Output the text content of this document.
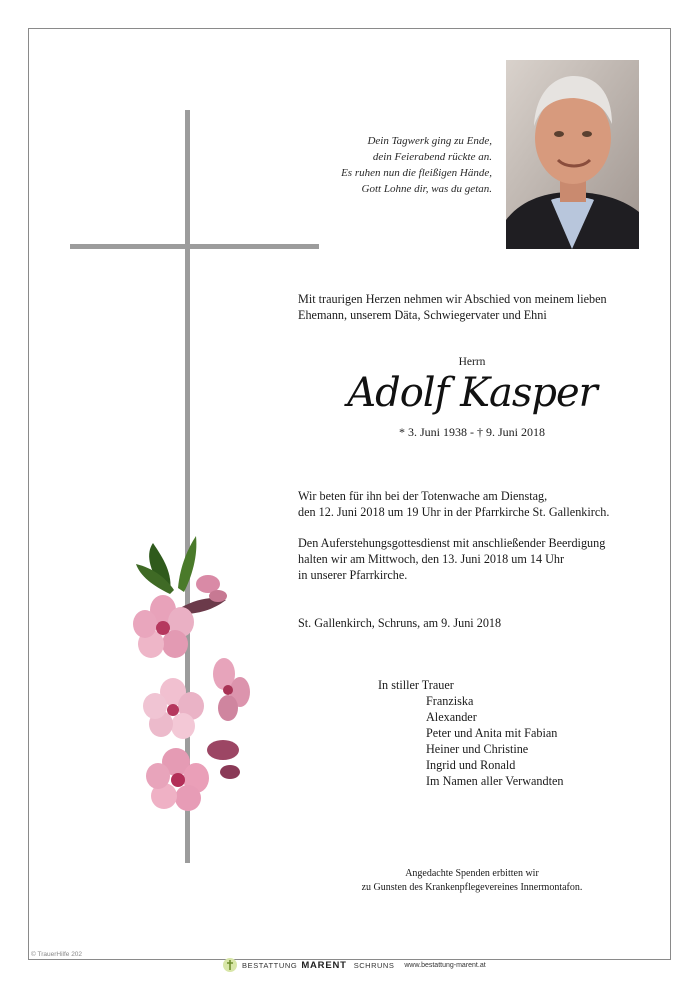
Dein Tagwerk ging zu Ende,
dein Feierabend rückte an.
Es ruhen nun die fleißigen Hände,
Gott Lohne dir, was du getan.
Mit traurigen Herzen nehmen wir Abschied von meinem lieben
Ehemann, unserem Däta, Schwiegervater und Ehni
Herrn
Adolf Kasper
* 3. Juni 1938 - † 9. Juni 2018
Wir beten für ihn bei der Totenwache am Dienstag,
den 12. Juni 2018 um 19 Uhr in der Pfarrkirche St. Gallenkirch.
Den Auferstehungsgottesdienst mit anschließender Beerdigung
halten wir am Mittwoch, den 13. Juni 2018 um 14 Uhr
in unserer Pfarrkirche.
St. Gallenkirch, Schruns, am 9. Juni 2018
In stiller Trauer
Franziska
Alexander
Peter und Anita mit Fabian
Heiner und Christine
Ingrid und Ronald
Im Namen aller Verwandten
Angedachte Spenden erbitten wir
zu Gunsten des Krankenpflegevereines Innermontafon.
© TrauerHilfe 202
BESTATTUNG MARENT SCHRUNS www.bestattung-marent.at
